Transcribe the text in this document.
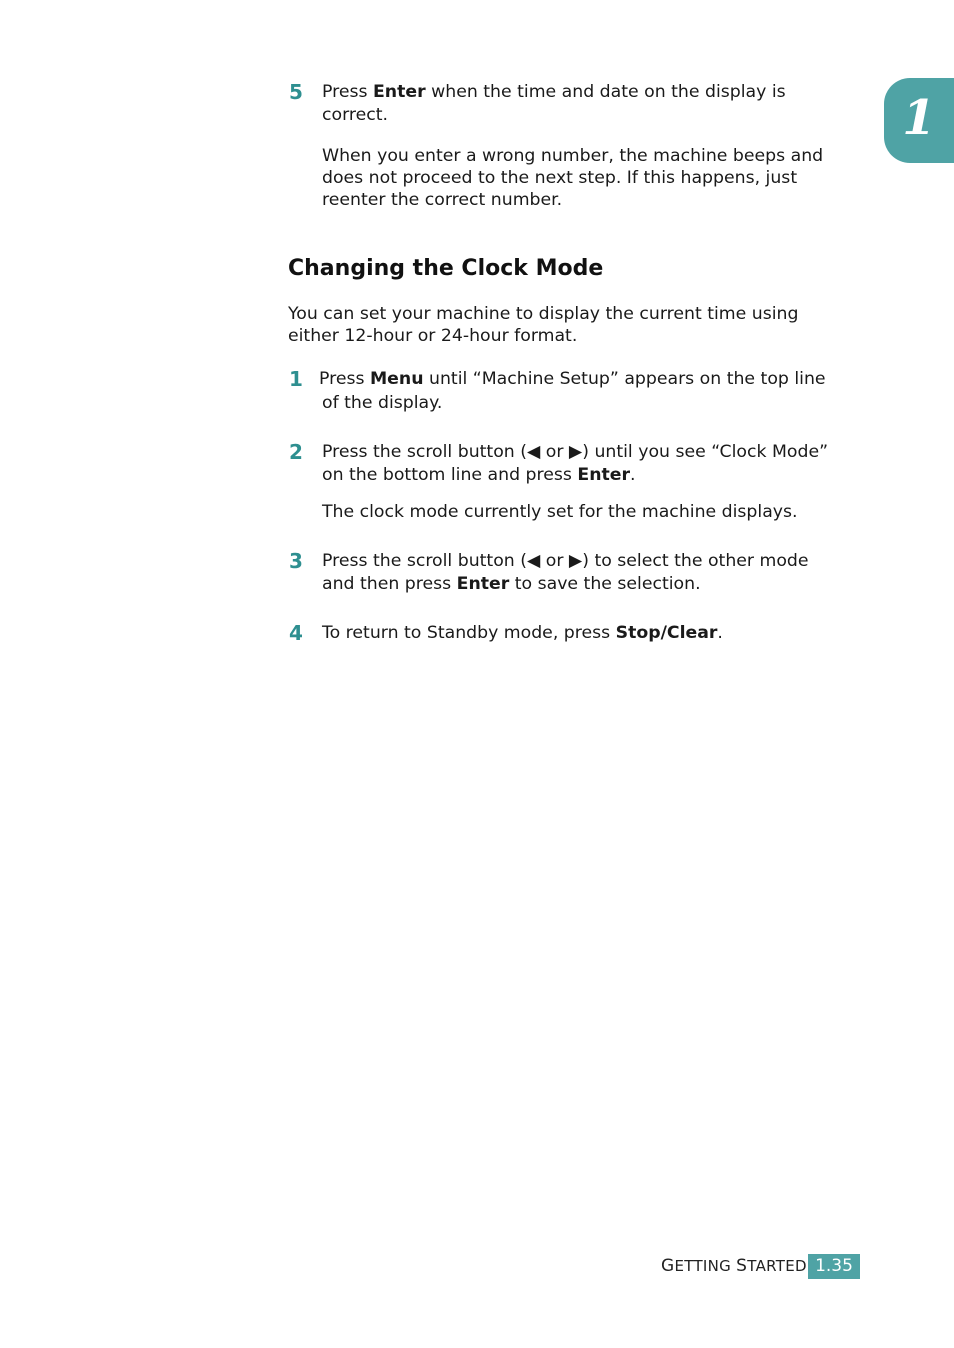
1
5 Press Enter when the time and date on the display is
correct.
When you enter a wrong number, the machine beeps and
does not proceed to the next step. If this happens, just
reenter the correct number.
Changing the Clock Mode
You can set your machine to display the current time using
either 12-hour or 24-hour format.
1 Press Menu until “Machine Setup” appears on the top line
of the display.
2 Press the scroll button (◀ or ▶) until you see “Clock Mode”
on the bottom line and press Enter.
The clock mode currently set for the machine displays.
3 Press the scroll button (◀ or ▶) to select the other mode
and then press Enter to save the selection.
4 To return to Standby mode, press Stop/Clear.
GETTING STARTED 1.35
